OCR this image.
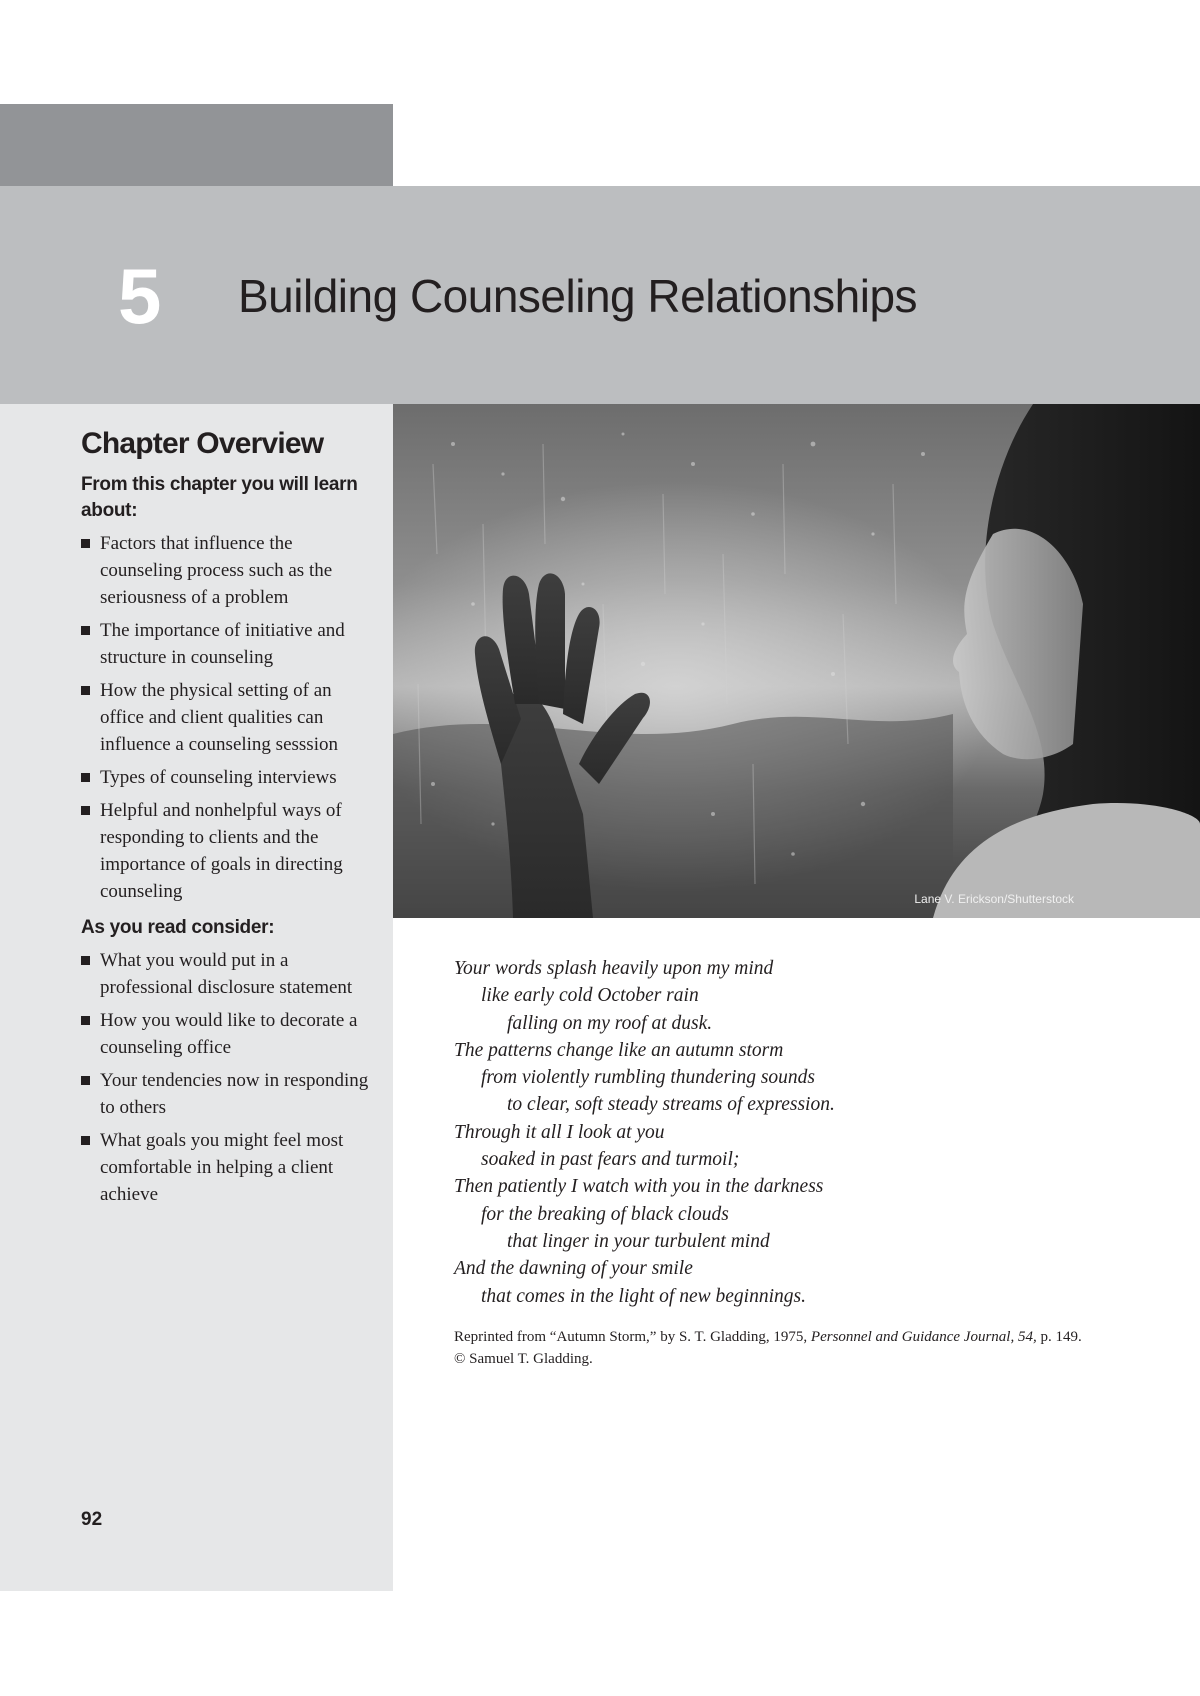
5	Building Counseling Relationships
Chapter Overview
From this chapter you will learn about:
Factors that influence the counseling process such as the seriousness of a problem
The importance of initiative and structure in counseling
How the physical setting of an office and client qualities can influence a counseling sesssion
Types of counseling interviews
Helpful and nonhelpful ways of responding to clients and the importance of goals in directing counseling
As you read consider:
What you would put in a professional disclosure statement
How you would like to decorate a counseling office
Your tendencies now in responding to others
What goals you might feel most comfortable in helping a client achieve
92
Lane V. Erickson/Shutterstock
Your words splash heavily upon my mind
like early cold October rain
falling on my roof at dusk.
The patterns change like an autumn storm
from violently rumbling thundering sounds
to clear, soft steady streams of expression.
Through it all I look at you
soaked in past fears and turmoil;
Then patiently I watch with you in the darkness
for the breaking of black clouds
that linger in your turbulent mind
And the dawning of your smile
that comes in the light of new beginnings.
Reprinted from “Autumn Storm,” by S. T. Gladding, 1975, Personnel and Guidance Journal, 54, p. 149. © Samuel T. Gladding.
